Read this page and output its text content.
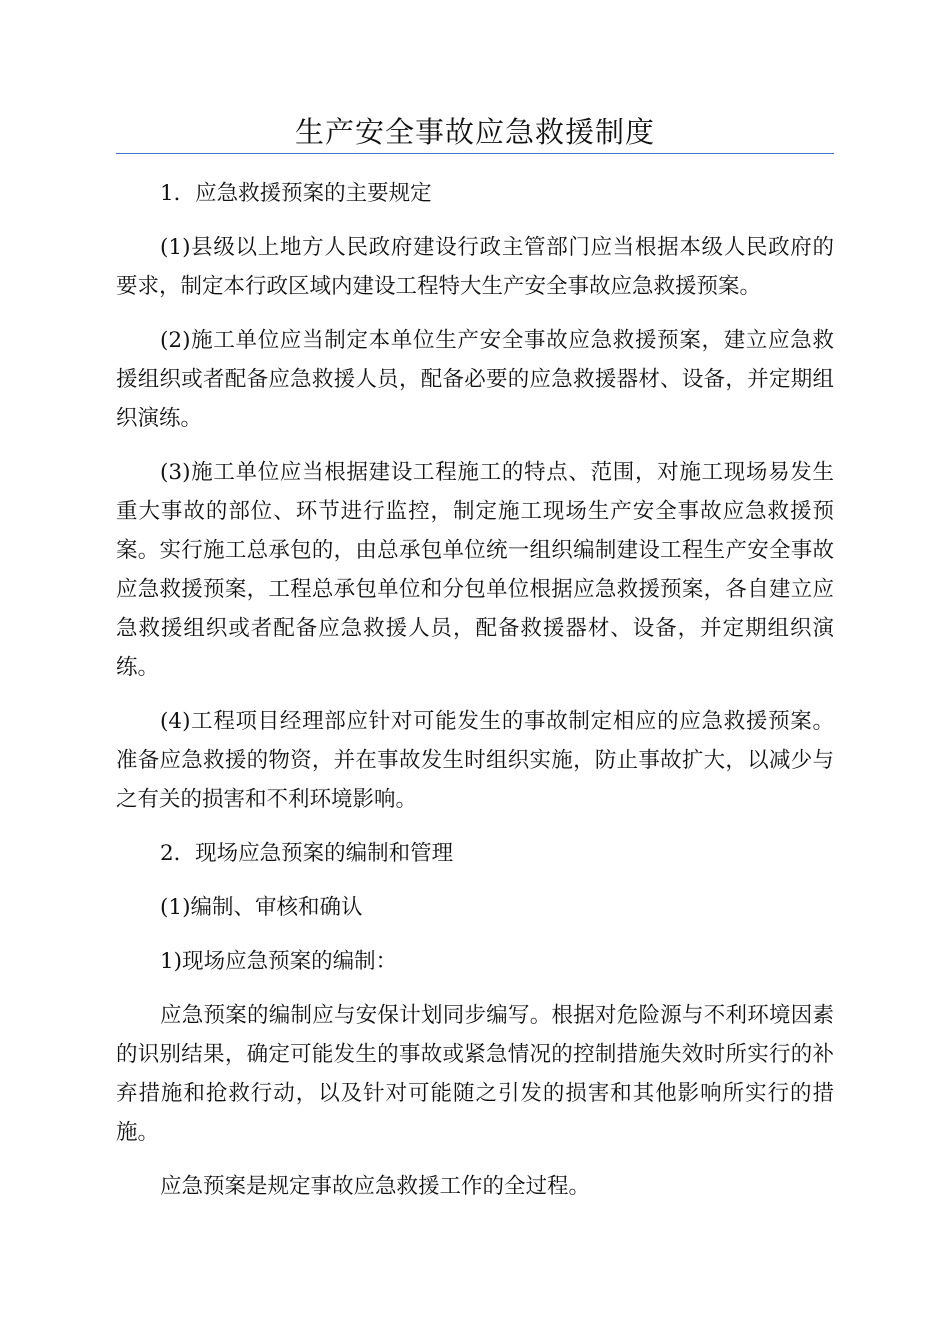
生产安全事故应急救援制度

1．应急救援预案的主要规定

(1)县级以上地方人民政府建设行政主管部门应当根据本级人民政府的要求，制定本行政区域内建设工程特大生产安全事故应急救援预案。

(2)施工单位应当制定本单位生产安全事故应急救援预案，建立应急救援组织或者配备应急救援人员，配备必要的应急救援器材、设备，并定期组织演练。

(3)施工单位应当根据建设工程施工的特点、范围，对施工现场易发生重大事故的部位、环节进行监控，制定施工现场生产安全事故应急救援预案。实行施工总承包的，由总承包单位统一组织编制建设工程生产安全事故应急救援预案，工程总承包单位和分包单位根据应急救援预案，各自建立应急救援组织或者配备应急救援人员，配备救援器材、设备，并定期组织演练。

(4)工程项目经理部应针对可能发生的事故制定相应的应急救援预案。准备应急救援的物资，并在事故发生时组织实施，防止事故扩大，以减少与之有关的损害和不利环境影响。

2．现场应急预案的编制和管理

(1)编制、审核和确认

1)现场应急预案的编制：

应急预案的编制应与安保计划同步编写。根据对危险源与不利环境因素的识别结果，确定可能发生的事故或紧急情况的控制措施失效时所实行的补弃措施和抢救行动，以及针对可能随之引发的损害和其他影响所实行的措施。

应急预案是规定事故应急救援工作的全过程。
